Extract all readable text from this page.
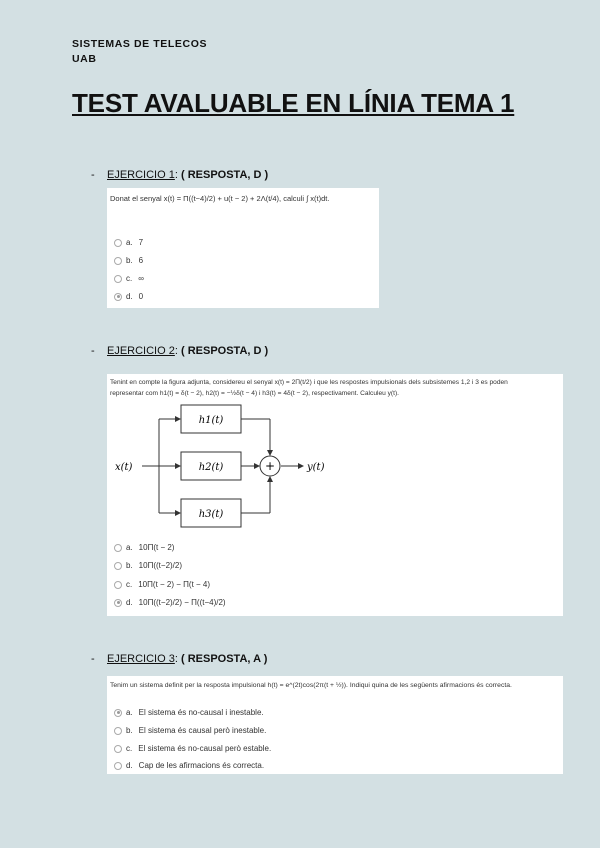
SISTEMAS DE TELECOS
UAB
TEST AVALUABLE EN LÍNIA TEMA 1
- EJERCICIO 1: ( RESPOSTA, D )
Donat el senyal x(t) = Π((t−4)/2) + u(t − 2) + 2Λ(t/4), calculi ∫ x(t)dt.
a. 7
b. 6
c. ∞
d. 0
- EJERCICIO 2: ( RESPOSTA, D )
Tenint en compte la figura adjunta, considereu el senyal x(t) = 2Π(t/2) i que les respostes impulsionals dels subsistemes 1,2 i 3 es poden
representar com h1(t) = δ(t − 2), h2(t) = −½δ(t − 4) i h3(t) = 4δ(t − 2), respectivament. Calculeu y(t).
+
h1(t)
h2(t)
h3(t)
x(t)	y(t)
a. 10Π(t − 2)
b. 10Π((t−2)/2)
c. 10Π(t − 2) − Π(t − 4)
d. 10Π((t−2)/2) − Π((t−4)/2)
- EJERCICIO 3: ( RESPOSTA, A )
Tenim un sistema definit per la resposta impulsional h(t) = e^(2t)cos(2π(t + ½)). Indiqui quina de les següents afirmacions és correcta.
a. El sistema és no-causal i inestable.
b. El sistema és causal però inestable.
c. El sistema és no-causal però estable.
d. Cap de les afirmacions és correcta.
